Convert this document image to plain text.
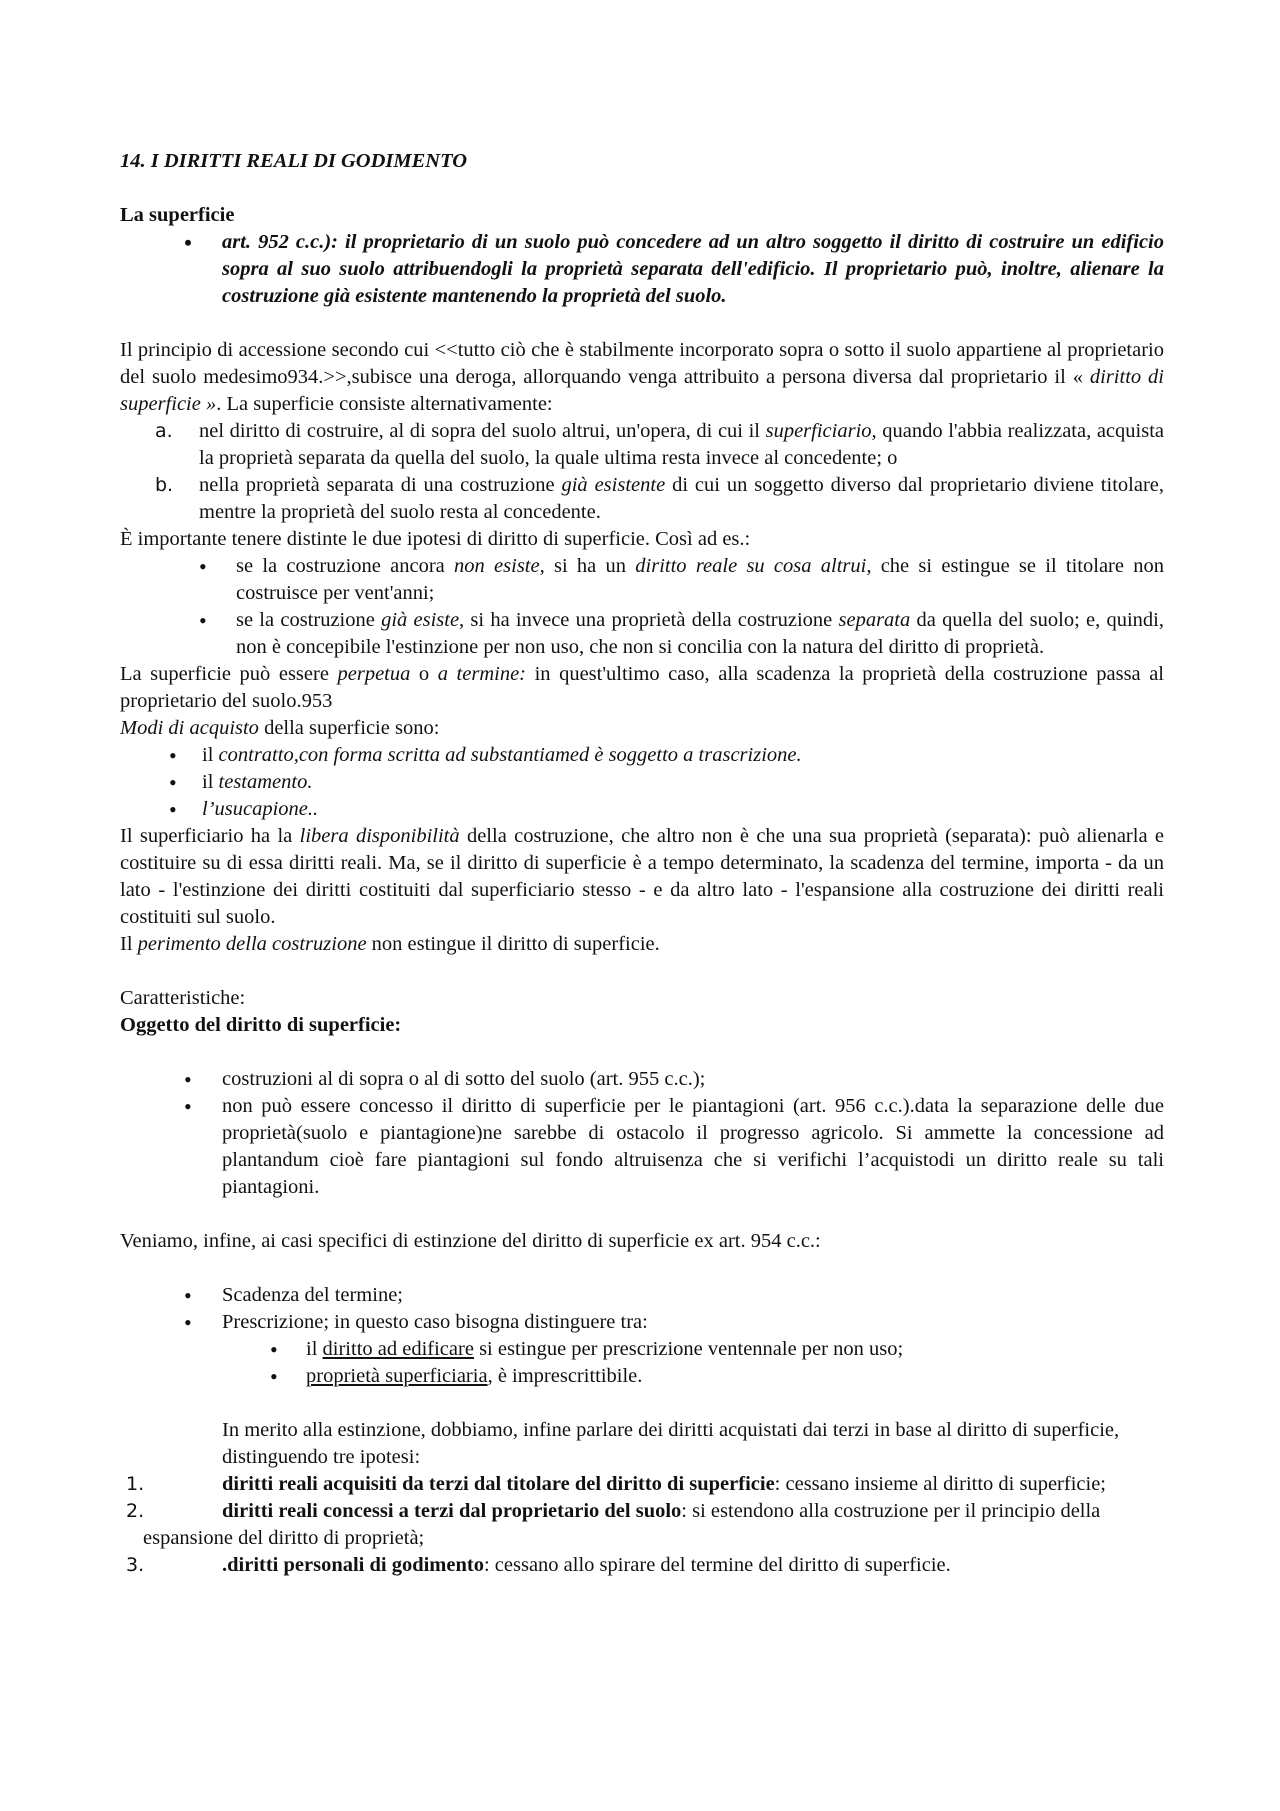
14. I DIRITTI REALI DI GODIMENTO

La superficie

• art. 952 c.c.): il proprietario di un suolo può concedere ad un altro soggetto il diritto di costruire un edificio sopra al suo suolo attribuendogli la proprietà separata dell'edificio. Il proprietario può, inoltre, alienare la costruzione già esistente mantenendo la proprietà del suolo.

Il principio di accessione secondo cui <<tutto ciò che è stabilmente incorporato sopra o sotto il suolo appartiene al proprietario del suolo medesimo934.>>,subisce una deroga, allorquando venga attribuito a persona diversa dal proprietario il « diritto di superficie ». La superficie consiste alternativamente:

a. nel diritto di costruire, al di sopra del suolo altrui, un'opera, di cui il superficiario, quando l'abbia realizzata, acquista la proprietà separata da quella del suolo, la quale ultima resta invece al concedente; o
b. nella proprietà separata di una costruzione già esistente di cui un soggetto diverso dal proprietario diviene titolare, mentre la proprietà del suolo resta al concedente.

È importante tenere distinte le due ipotesi di diritto di superficie. Così ad es.:

• se la costruzione ancora non esiste, si ha un diritto reale su cosa altrui, che si estingue se il titolare non costruisce per vent'anni;
• se la costruzione già esiste, si ha invece una proprietà della costruzione separata da quella del suolo; e, quindi, non è concepibile l'estinzione per non uso, che non si concilia con la natura del diritto di proprietà.

La superficie può essere perpetua o a termine: in quest'ultimo caso, alla scadenza la proprietà della costruzione passa al proprietario del suolo.953

Modi di acquisto della superficie sono:

• il contratto,con forma scritta ad substantiamed è soggetto a trascrizione.
• il testamento.
• l’usucapione..

Il superficiario ha la libera disponibilità della costruzione, che altro non è che una sua proprietà (separata): può alienarla e costituire su di essa diritti reali. Ma, se il diritto di superficie è a tempo determinato, la scadenza del termine, importa - da un lato - l'estinzione dei diritti costituiti dal superficiario stesso - e da altro lato - l'espansione alla costruzione dei diritti reali costituiti sul suolo.

Il perimento della costruzione non estingue il diritto di superficie.

Caratteristiche:

Oggetto del diritto di superficie:

• costruzioni al di sopra o al di sotto del suolo (art. 955 c.c.);
• non può essere concesso il diritto di superficie per le piantagioni (art. 956 c.c.).data la separazione delle due proprietà(suolo e piantagione)ne sarebbe di ostacolo il progresso agricolo. Si ammette la concessione ad plantandum cioè fare piantagioni sul fondo altruisenza che si verifichi l’acquistodi un diritto reale su tali piantagioni.

Veniamo, infine, ai casi specifici di estinzione del diritto di superficie ex art. 954 c.c.:

• Scadenza del termine;
• Prescrizione; in questo caso bisogna distinguere tra:
• il diritto ad edificare si estingue per prescrizione ventennale per non uso;
• proprietà superficiaria, è imprescrittibile.

In merito alla estinzione, dobbiamo, infine parlare dei diritti acquistati dai terzi in base al diritto di superficie, distinguendo tre ipotesi:

1.	diritti reali acquisiti da terzi dal titolare del diritto di superficie: cessano insieme al diritto di superficie;
2.	diritti reali concessi a terzi dal proprietario del suolo: si estendono alla costruzione per il principio della espansione del diritto di proprietà;
3.	.diritti personali di godimento: cessano allo spirare del termine del diritto di superficie.
